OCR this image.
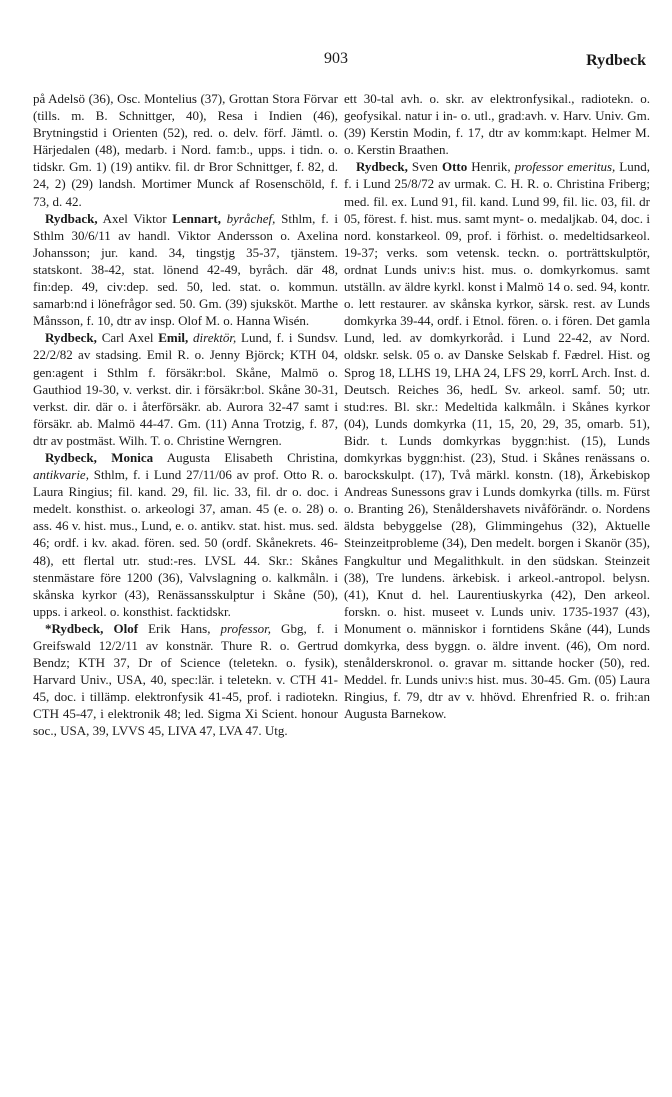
903	Rydbeck

på Adelsö (36), Osc. Montelius (37), Grottan Stora Förvar (tills. m. B. Schnittger, 40), Resa i Indien (46), Brytningstid i Orienten (52), red. o. delv. förf. Jämtl. o. Härjedalen (48), medarb. i Nord. fam:b., upps. i tidn. o. tidskr. Gm. 1) (19) antikv. fil. dr Bror Schnittger, f. 82, d. 24, 2) (29) landsh. Mortimer Munck af Rosenschöld, f. 73, d. 42.

Rydback, Axel Viktor Lennart, byråchef, Sthlm, f. i Sthlm 30/6/11 av handl. Viktor Andersson o. Axelina Johansson; jur. kand. 34, tingstjg 35-37, tjänstem. statskont. 38-42, stat. lönend 42-49, byråch. där 48, fin:dep. 49, civ:dep. sed. 50, led. stat. o. kommun. samarb:nd i lönefrågor sed. 50. Gm. (39) sjuksköt. Marthe Månsson, f. 10, dtr av insp. Olof M. o. Hanna Wisén.

Rydbeck, Carl Axel Emil, direktör, Lund, f. i Sundsv. 22/2/82 av stadsing. Emil R. o. Jenny Björck; KTH 04, gen:agent i Sthlm f. försäkr:bol. Skåne, Malmö o. Gauthiod 19-30, v. verkst. dir. i försäkr:bol. Skåne 30-31, verkst. dir. där o. i återförsäkr. ab. Aurora 32-47 samt i försäkr. ab. Malmö 44-47. Gm. (11) Anna Trotzig, f. 87, dtr av postmäst. Wilh. T. o. Christine Werngren.

Rydbeck, Monica Augusta Elisabeth Christina, antikvarie, Sthlm, f. i Lund 27/11/06 av prof. Otto R. o. Laura Ringius; fil. kand. 29, fil. lic. 33, fil. dr o. doc. i medelt. konsthist. o. arkeologi 37, aman. 45 (e. o. 28) o. ass. 46 v. hist. mus., Lund, e. o. antikv. stat. hist. mus. sed. 46; ordf. i kv. akad. fören. sed. 50 (ordf. Skånekrets. 46-48), ett flertal utr. stud:-res. LVSL 44. Skr.: Skånes stenmästare före 1200 (36), Valvslagning o. kalkmåln. i skånska kyrkor (43), Renässansskulptur i Skåne (50), upps. i arkeol. o. konsthist. facktidskr.

*Rydbeck, Olof Erik Hans, professor, Gbg, f. i Greifswald 12/2/11 av konstnär. Thure R. o. Gertrud Bendz; KTH 37, Dr of Science (teletekn. o. fysik), Harvard Univ., USA, 40, spec:lär. i teletekn. v. CTH 41-45, doc. i tillämp. elektronfysik 41-45, prof. i radiotekn. CTH 45-47, i elektronik 48; led. Sigma Xi Scient. honour soc., USA, 39, LVVS 45, LIVA 47, LVA 47. Utg.

ett 30-tal avh. o. skr. av elektronfysikal., radiotekn. o. geofysikal. natur i in- o. utl., grad:avh. v. Harv. Univ. Gm. (39) Kerstin Modin, f. 17, dtr av komm:kapt. Helmer M. o. Kerstin Braathen.

Rydbeck, Sven Otto Henrik, professor emeritus, Lund, f. i Lund 25/8/72 av urmak. C. H. R. o. Christina Friberg; med. fil. ex. Lund 91, fil. kand. Lund 99, fil. lic. 03, fil. dr 05, förest. f. hist. mus. samt mynt- o. medaljkab. 04, doc. i nord. konstarkeol. 09, prof. i förhist. o. medeltidsarkeol. 19-37; verks. som vetensk. teckn. o. porträttskulptör, ordnat Lunds univ:s hist. mus. o. domkyrkomus. samt utställn. av äldre kyrkl. konst i Malmö 14 o. sed. 94, kontr. o. lett restaurer. av skånska kyrkor, särsk. rest. av Lunds domkyrka 39-44, ordf. i Etnol. fören. o. i fören. Det gamla Lund, led. av domkyrkoråd. i Lund 22-42, av Nord. oldskr. selsk. 05 o. av Danske Selskab f. Fædrel. Hist. og Sprog 18, LLHS 19, LHA 24, LFS 29, korrL Arch. Inst. d. Deutsch. Reiches 36, hedL Sv. arkeol. samf. 50; utr. stud:res. Bl. skr.: Medeltida kalkmåln. i Skånes kyrkor (04), Lunds domkyrka (11, 15, 20, 29, 35, omarb. 51), Bidr. t. Lunds domkyrkas byggn:hist. (15), Lunds domkyrkas byggn:hist. (23), Stud. i Skånes renässans o. barockskulpt. (17), Två märkl. konstn. (18), Ärkebiskop Andreas Sunessons grav i Lunds domkyrka (tills. m. Fürst o. Branting 26), Stenåldershavets nivåförändr. o. Nordens äldsta bebyggelse (28), Glimmingehus (32), Aktuelle Steinzeitprobleme (34), Den medelt. borgen i Skanör (35), Fangkultur und Megalithkult. in den südskan. Steinzeit (38), Tre lundens. ärkebisk. i arkeol.-antropol. belysn. (41), Knut d. hel. Laurentiuskyrka (42), Den arkeol. forskn. o. hist. museet v. Lunds univ. 1735-1937 (43), Monument o. människor i forntidens Skåne (44), Lunds domkyrka, dess byggn. o. äldre invent. (46), Om nord. stenålderskronol. o. gravar m. sittande hocker (50), red. Meddel. fr. Lunds univ:s hist. mus. 30-45. Gm. (05) Laura Ringius, f. 79, dtr av v. hhövd. Ehrenfried R. o. frih:an Augusta Barnekow.
